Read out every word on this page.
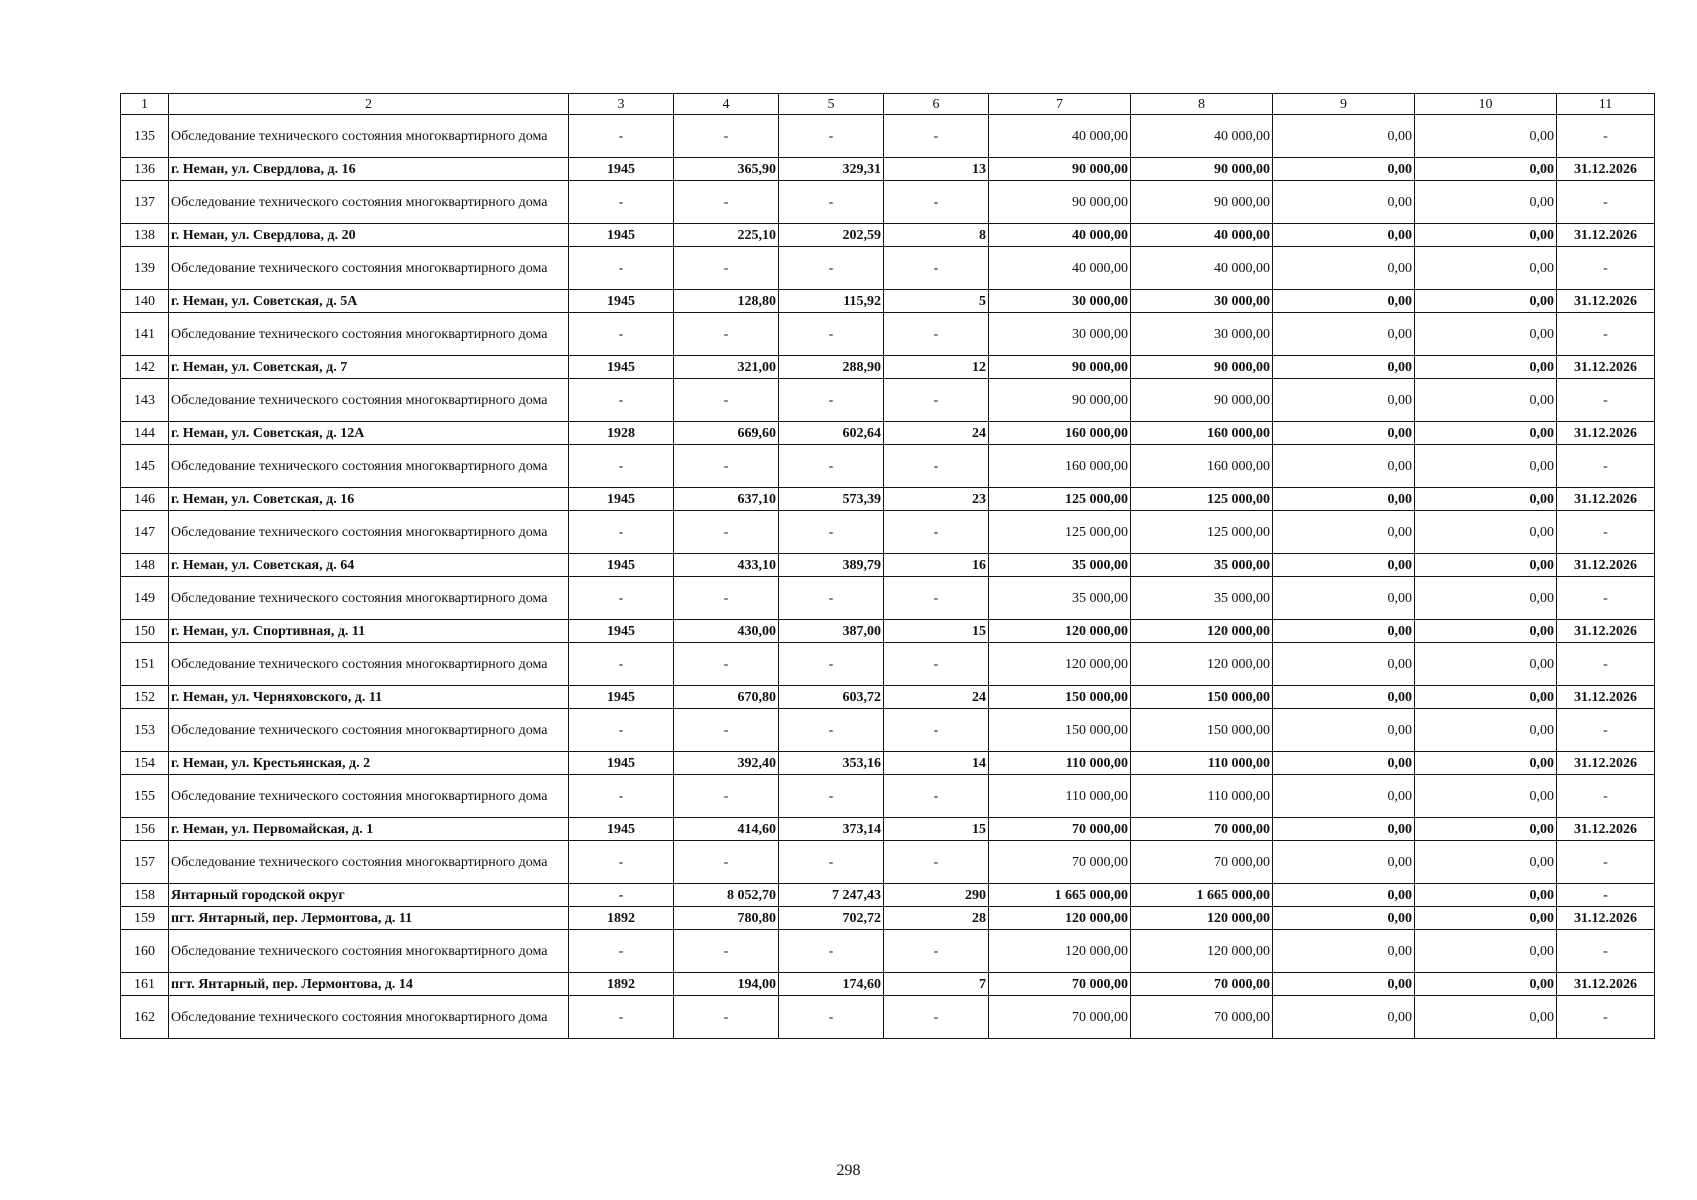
1	2	3	4	5	6	7	8	9	10	11
135	Обследование технического состояния многоквартирного дома	-	-	-	-	40 000,00	40 000,00	0,00	0,00	-
136	г. Неман, ул. Свердлова, д. 16	1945	365,90	329,31	13	90 000,00	90 000,00	0,00	0,00	31.12.2026
137	Обследование технического состояния многоквартирного дома	-	-	-	-	90 000,00	90 000,00	0,00	0,00	-
138	г. Неман, ул. Свердлова, д. 20	1945	225,10	202,59	8	40 000,00	40 000,00	0,00	0,00	31.12.2026
139	Обследование технического состояния многоквартирного дома	-	-	-	-	40 000,00	40 000,00	0,00	0,00	-
140	г. Неман, ул. Советская, д. 5А	1945	128,80	115,92	5	30 000,00	30 000,00	0,00	0,00	31.12.2026
141	Обследование технического состояния многоквартирного дома	-	-	-	-	30 000,00	30 000,00	0,00	0,00	-
142	г. Неман, ул. Советская, д. 7	1945	321,00	288,90	12	90 000,00	90 000,00	0,00	0,00	31.12.2026
143	Обследование технического состояния многоквартирного дома	-	-	-	-	90 000,00	90 000,00	0,00	0,00	-
144	г. Неман, ул. Советская, д. 12А	1928	669,60	602,64	24	160 000,00	160 000,00	0,00	0,00	31.12.2026
145	Обследование технического состояния многоквартирного дома	-	-	-	-	160 000,00	160 000,00	0,00	0,00	-
146	г. Неман, ул. Советская, д. 16	1945	637,10	573,39	23	125 000,00	125 000,00	0,00	0,00	31.12.2026
147	Обследование технического состояния многоквартирного дома	-	-	-	-	125 000,00	125 000,00	0,00	0,00	-
148	г. Неман, ул. Советская, д. 64	1945	433,10	389,79	16	35 000,00	35 000,00	0,00	0,00	31.12.2026
149	Обследование технического состояния многоквартирного дома	-	-	-	-	35 000,00	35 000,00	0,00	0,00	-
150	г. Неман, ул. Спортивная, д. 11	1945	430,00	387,00	15	120 000,00	120 000,00	0,00	0,00	31.12.2026
151	Обследование технического состояния многоквартирного дома	-	-	-	-	120 000,00	120 000,00	0,00	0,00	-
152	г. Неман, ул. Черняховского, д. 11	1945	670,80	603,72	24	150 000,00	150 000,00	0,00	0,00	31.12.2026
153	Обследование технического состояния многоквартирного дома	-	-	-	-	150 000,00	150 000,00	0,00	0,00	-
154	г. Неман, ул. Крестьянская, д. 2	1945	392,40	353,16	14	110 000,00	110 000,00	0,00	0,00	31.12.2026
155	Обследование технического состояния многоквартирного дома	-	-	-	-	110 000,00	110 000,00	0,00	0,00	-
156	г. Неман, ул. Первомайская, д. 1	1945	414,60	373,14	15	70 000,00	70 000,00	0,00	0,00	31.12.2026
157	Обследование технического состояния многоквартирного дома	-	-	-	-	70 000,00	70 000,00	0,00	0,00	-
158	Янтарный городской округ	-	8 052,70	7 247,43	290	1 665 000,00	1 665 000,00	0,00	0,00	-
159	пгт. Янтарный, пер. Лермонтова, д. 11	1892	780,80	702,72	28	120 000,00	120 000,00	0,00	0,00	31.12.2026
160	Обследование технического состояния многоквартирного дома	-	-	-	-	120 000,00	120 000,00	0,00	0,00	-
161	пгт. Янтарный, пер. Лермонтова, д. 14	1892	194,00	174,60	7	70 000,00	70 000,00	0,00	0,00	31.12.2026
162	Обследование технического состояния многоквартирного дома	-	-	-	-	70 000,00	70 000,00	0,00	0,00	-
298
